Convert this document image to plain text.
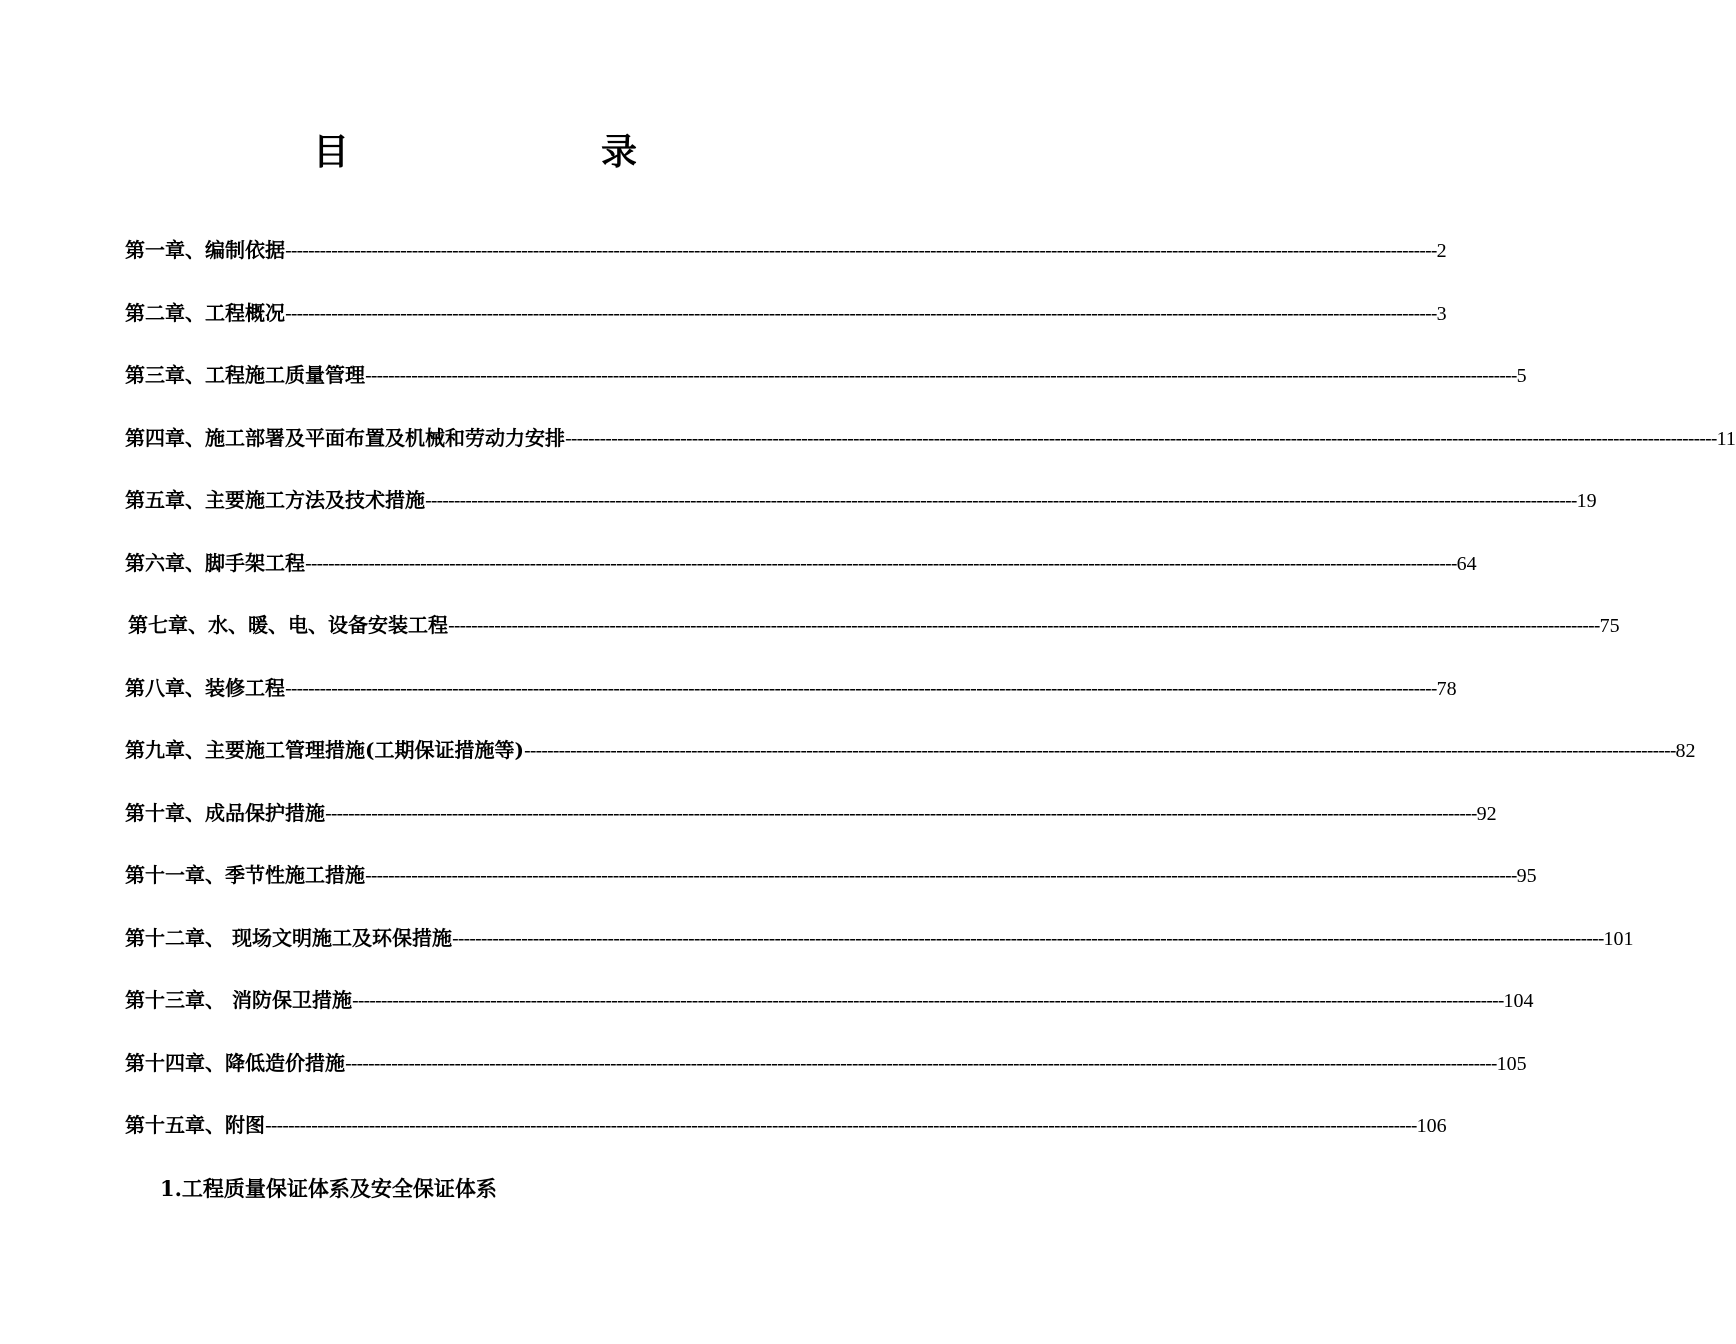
目　　录
第一章、编制依据 -------------------------------------------------------------------------------------------------------------------------------------------------------------------------------------------------------- 2
第二章、工程概况 -------------------------------------------------------------------------------------------------------------------------------------------------------------------------------------------------------- 3
第三章、工程施工质量管理 -------------------------------------------------------------------------------------------------------------------------------------------------------------------------------------------------------- 5
第四章、施工部署及平面布置及机械和劳动力安排 -------------------------------------------------------------------------------------------------------------------------------------------------------------------------------------------------------- 11
第五章、主要施工方法及技术措施 -------------------------------------------------------------------------------------------------------------------------------------------------------------------------------------------------------- 19
第六章、脚手架工程 -------------------------------------------------------------------------------------------------------------------------------------------------------------------------------------------------------- 64
第七章、水、暖、电、设备安装工程 -------------------------------------------------------------------------------------------------------------------------------------------------------------------------------------------------------- 75
第八章、装修工程 -------------------------------------------------------------------------------------------------------------------------------------------------------------------------------------------------------- 78
第九章、主要施工管理措施(工期保证措施等) -------------------------------------------------------------------------------------------------------------------------------------------------------------------------------------------------------- 82
第十章、成品保护措施 -------------------------------------------------------------------------------------------------------------------------------------------------------------------------------------------------------- 92
第十一章、季节性施工措施 -------------------------------------------------------------------------------------------------------------------------------------------------------------------------------------------------------- 95
第十二章、 现场文明施工及环保措施 -------------------------------------------------------------------------------------------------------------------------------------------------------------------------------------------------------- 101
第十三章、 消防保卫措施 -------------------------------------------------------------------------------------------------------------------------------------------------------------------------------------------------------- 104
第十四章、降低造价措施 -------------------------------------------------------------------------------------------------------------------------------------------------------------------------------------------------------- 105
第十五章、附图 -------------------------------------------------------------------------------------------------------------------------------------------------------------------------------------------------------- 106
1.工程质量保证体系及安全保证体系
